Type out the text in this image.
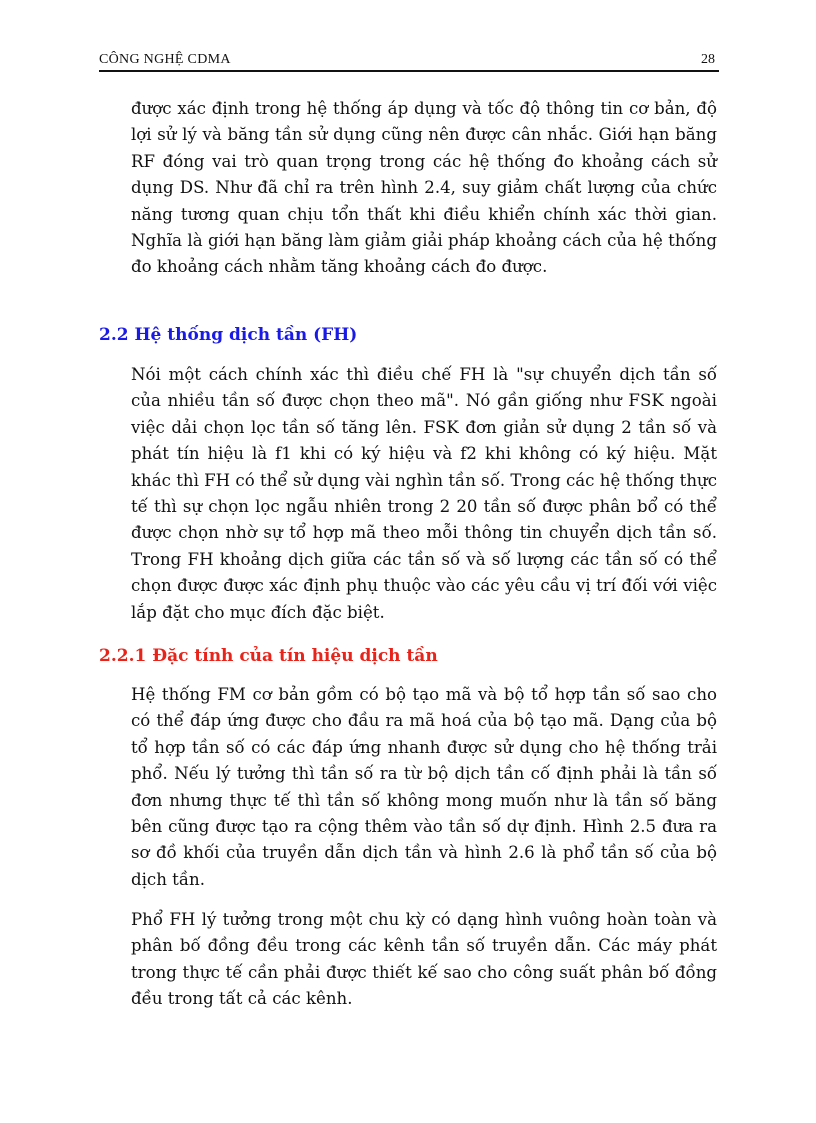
CÔNG NGHỆ CDMA	28

được xác định trong hệ thống áp dụng và tốc độ thông tin cơ bản, độ lợi sử lý và băng tần sử dụng cũng nên được cân nhắc. Giới hạn băng RF đóng vai trò quan trọng trong các hệ thống đo khoảng cách sử dụng DS. Như đã chỉ ra trên hình 2.4, suy giảm chất lượng của chức năng tương quan chịu tổn thất khi điều khiển chính xác thời gian. Nghĩa là giới hạn băng làm giảm giải pháp khoảng cách của hệ thống đo khoảng cách nhằm tăng khoảng cách đo được.

2.2 Hệ thống dịch tần (FH)

Nói một cách chính xác thì điều chế FH là "sự chuyển dịch tần số của nhiều tần số được chọn theo mã". Nó gần giống như FSK ngoài việc dải chọn lọc tần số tăng lên. FSK đơn giản sử dụng 2 tần số và phát tín hiệu là f1 khi có ký hiệu và f2 khi không có ký hiệu. Mặt khác thì FH có thể sử dụng vài nghìn tần số. Trong các hệ thống thực tế thì sự chọn lọc ngẫu nhiên trong 2 20 tần số được phân bổ có thể được chọn nhờ sự tổ hợp mã theo mỗi thông tin chuyển dịch tần số. Trong FH khoảng dịch giữa các tần số và số lượng các tần số có thể chọn được được xác định phụ thuộc vào các yêu cầu vị trí đối với việc lắp đặt cho mục đích đặc biệt.

2.2.1 Đặc tính của tín hiệu dịch tần

Hệ thống FM cơ bản gồm có bộ tạo mã và bộ tổ hợp tần số sao cho có thể đáp ứng được cho đầu ra mã hoá của bộ tạo mã. Dạng của bộ tổ hợp tần số có các đáp ứng nhanh được sử dụng cho hệ thống trải phổ. Nếu lý tưởng thì tần số ra từ bộ dịch tần cố định phải là tần số đơn nhưng thực tế thì tần số không mong muốn như là tần số băng bên cũng được tạo ra cộng thêm vào tần số dự định. Hình 2.5 đưa ra sơ đồ khối của truyền dẫn dịch tần và hình 2.6 là phổ tần số của bộ dịch tần.

Phổ FH lý tưởng trong một chu kỳ có dạng hình vuông hoàn toàn và phân bố đồng đều trong các kênh tần số truyền dẫn. Các máy phát trong thực tế cần phải được thiết kế sao cho công suất phân bố đồng đều trong tất cả các kênh.
